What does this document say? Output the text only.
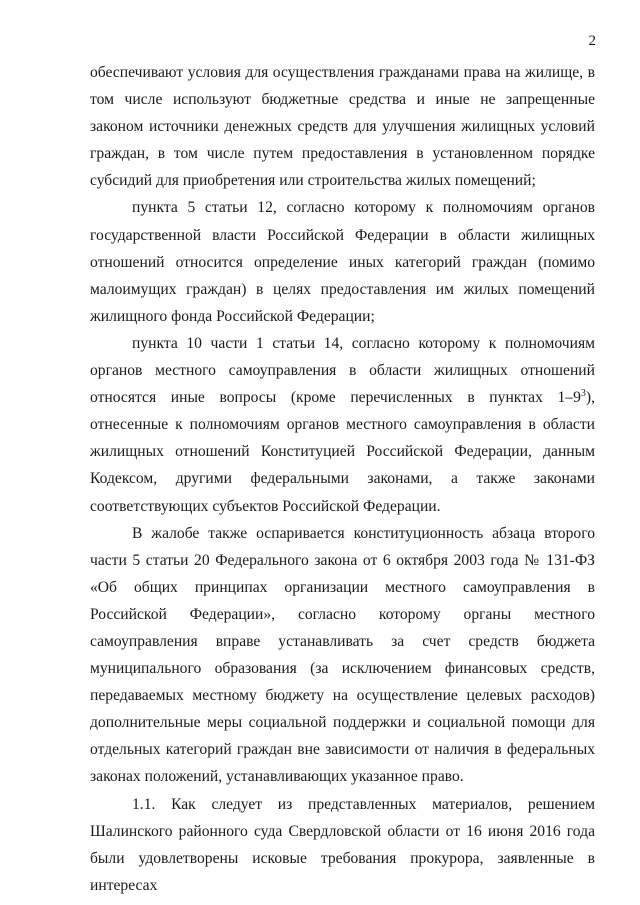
2

обеспечивают условия для осуществления гражданами права на жилище, в том числе используют бюджетные средства и иные не запрещенные законом источники денежных средств для улучшения жилищных условий граждан, в том числе путем предоставления в установленном порядке субсидий для приобретения или строительства жилых помещений;

пункта 5 статьи 12, согласно которому к полномочиям органов государственной власти Российской Федерации в области жилищных отношений относится определение иных категорий граждан (помимо малоимущих граждан) в целях предоставления им жилых помещений жилищного фонда Российской Федерации;

пункта 10 части 1 статьи 14, согласно которому к полномочиям органов местного самоуправления в области жилищных отношений относятся иные вопросы (кроме перечисленных в пунктах $1-9^3$), отнесенные к полномочиям органов местного самоуправления в области жилищных отношений Конституцией Российской Федерации, данным Кодексом, другими федеральными законами, а также законами соответствующих субъектов Российской Федерации.

В жалобе также оспаривается конституционность абзаца второго части 5 статьи 20 Федерального закона от 6 октября 2003 года № 131-ФЗ «Об общих принципах организации местного самоуправления в Российской Федерации», согласно которому органы местного самоуправления вправе устанавливать за счет средств бюджета муниципального образования (за исключением финансовых средств, передаваемых местному бюджету на осуществление целевых расходов) дополнительные меры социальной поддержки и социальной помощи для отдельных категорий граждан вне зависимости от наличия в федеральных законах положений, устанавливающих указанное право.

1.1. Как следует из представленных материалов, решением Шалинского районного суда Свердловской области от 16 июня 2016 года были удовлетворены исковые требования прокурора, заявленные в интересах
